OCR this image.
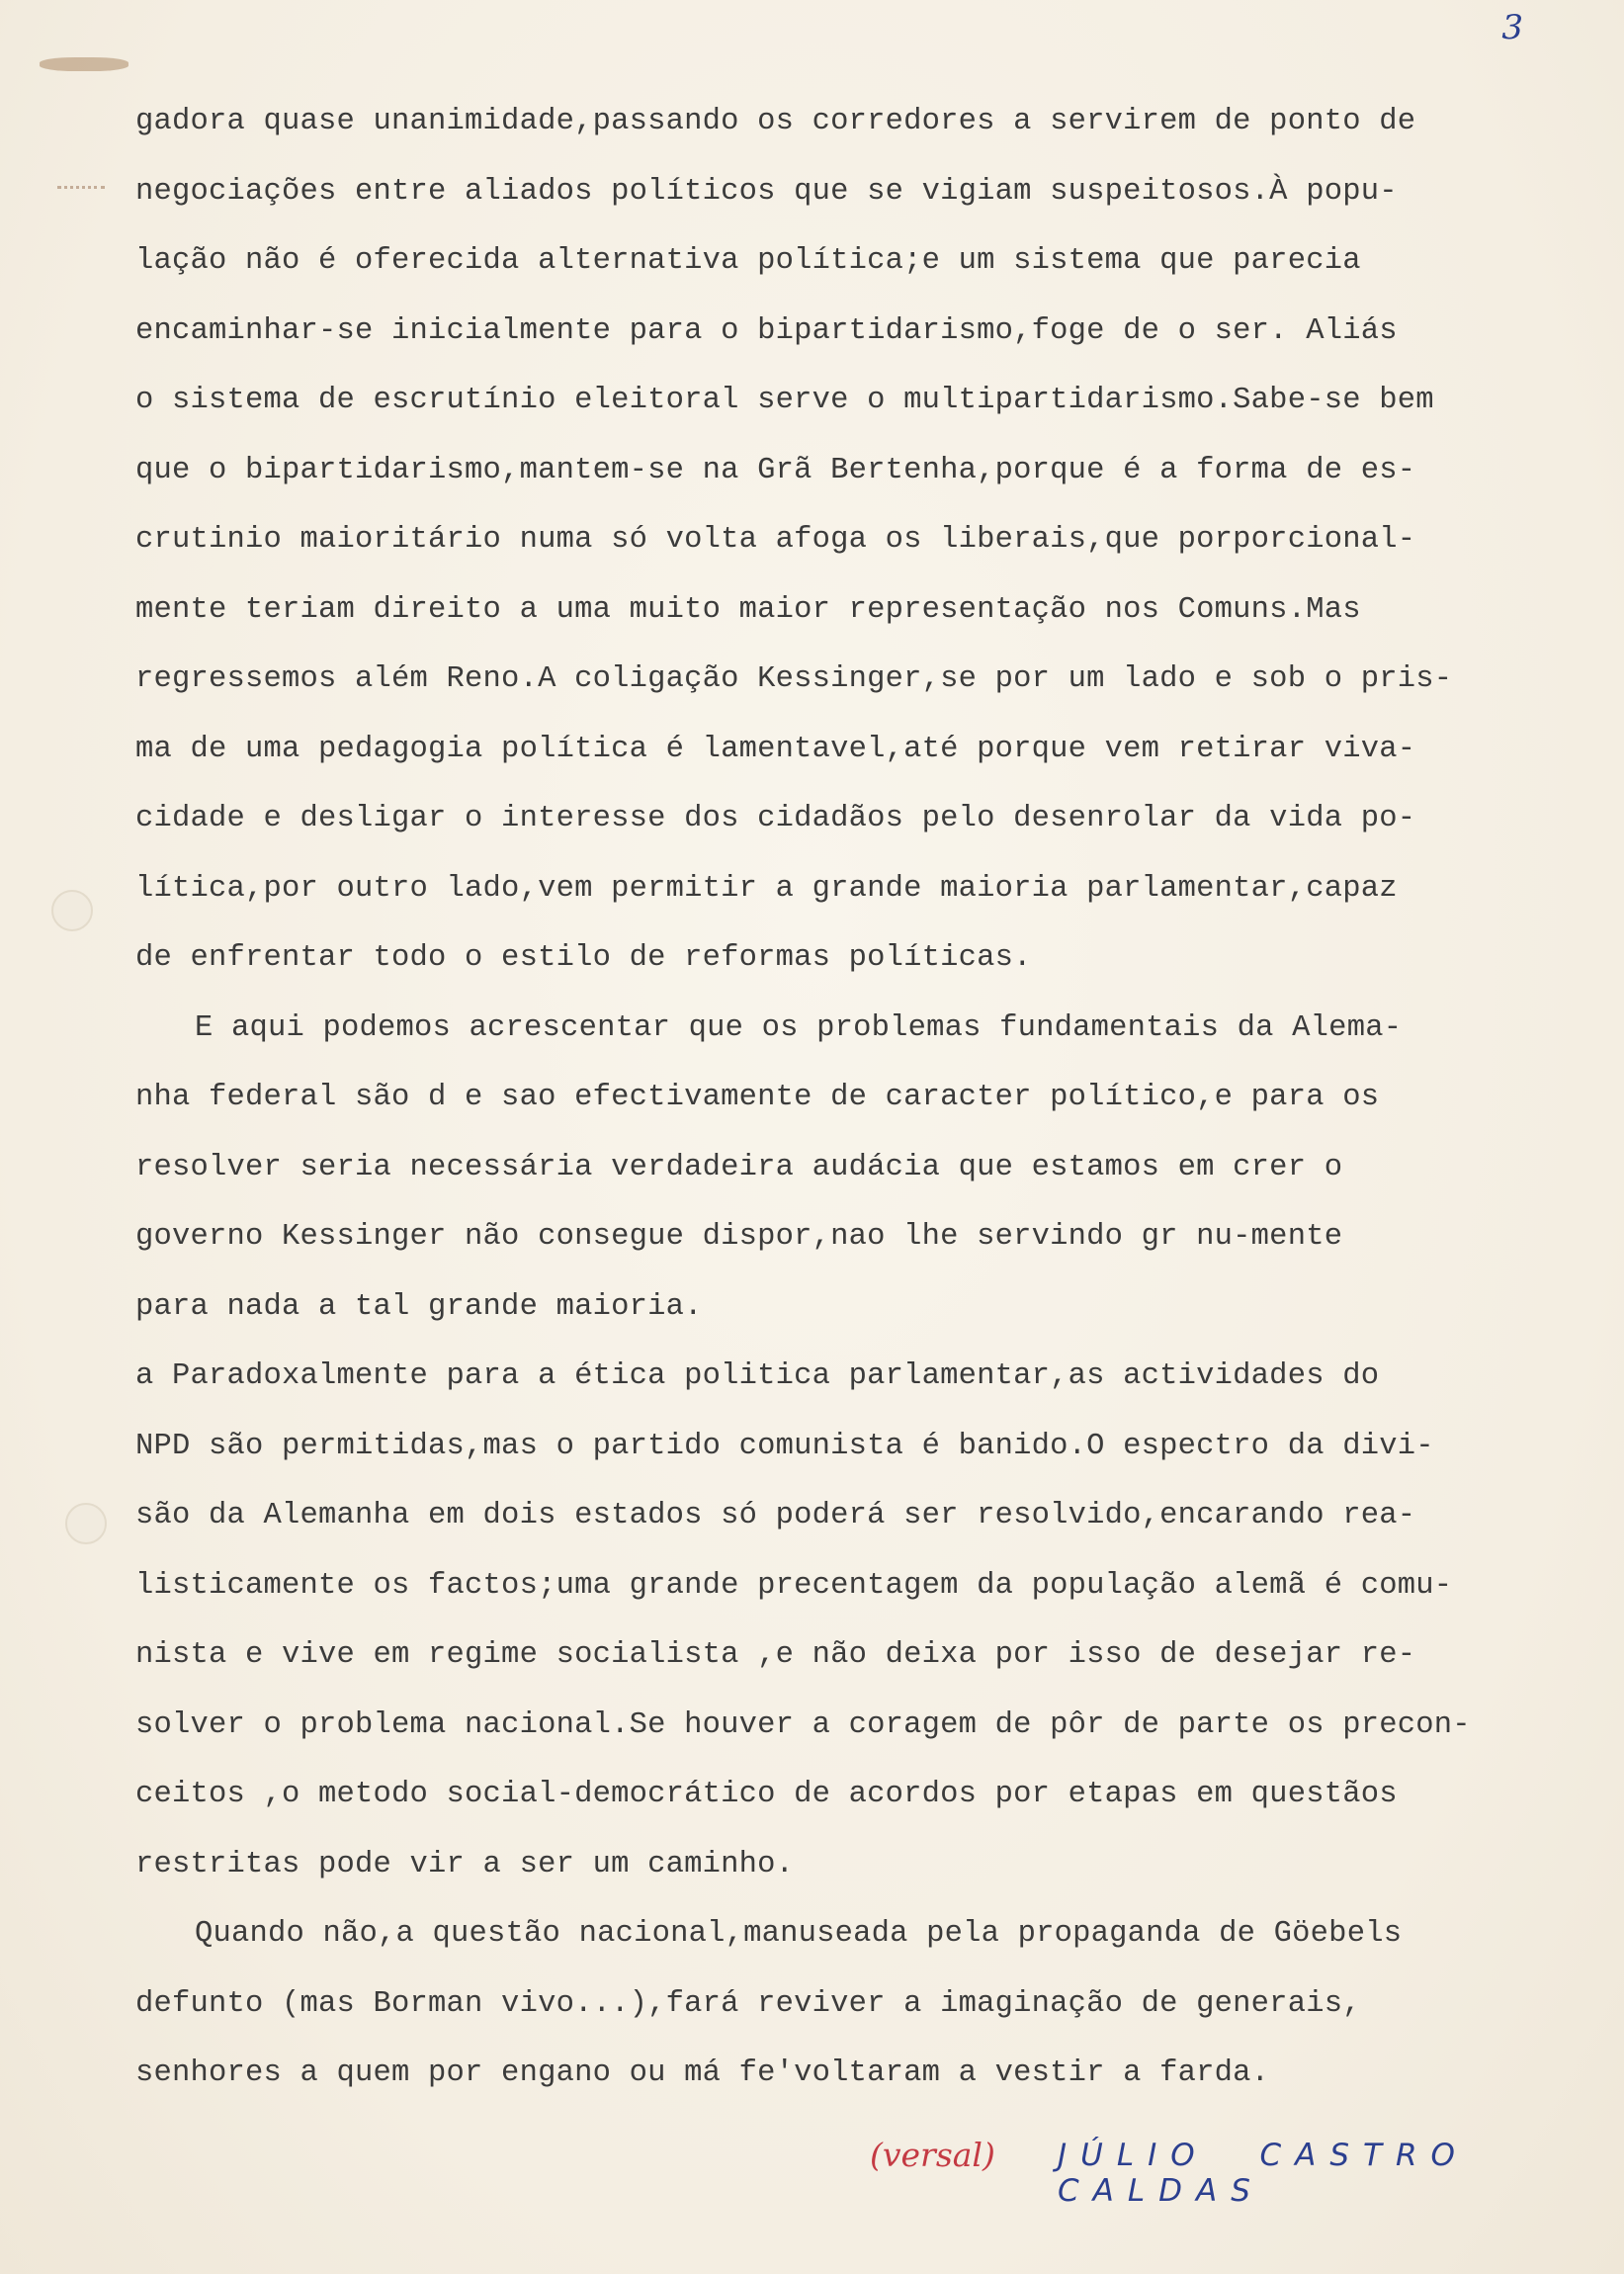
3
gadora quase unanimidade,passando os corredores a servirem de ponto de
negociações entre aliados políticos que se vigiam suspeitosos.À popu-
lação não é oferecida alternativa política;e um sistema que parecia
encaminhar-se inicialmente para o bipartidarismo,foge de o ser. Aliás
o sistema de escrutínio eleitoral serve o multipartidarismo.Sabe-se bem
que o bipartidarismo,mantem-se na Grã Bertenha,porque é a forma de es-
crutinio maioritário numa só volta afoga os liberais,que porporcional-
mente teriam direito a uma muito maior representação nos Comuns.Mas
regressemos além Reno.A coligação Kessinger,se por um lado e sob o pris-
ma de uma pedagogia política é lamentavel,até porque vem retirar viva-
cidade e desligar o interesse dos cidadãos pelo desenrolar da vida po-
lítica,por outro lado,vem permitir a grande maioria parlamentar,capaz
de enfrentar todo o estilo de reformas políticas.
E aqui podemos acrescentar que os problemas fundamentais da Alema-
nha federal são d e sao efectivamente de caracter político,e para os
resolver seria necessária verdadeira audácia que estamos em crer o
governo Kessinger não consegue dispor,nao lhe servindo gr nu-mente
para nada a tal grande maioria.
a Paradoxalmente para a ética politica parlamentar,as actividades do
NPD são permitidas,mas o partido comunista é banido.O espectro da divi-
são da Alemanha em dois estados só poderá ser resolvido,encarando rea-
listicamente os factos;uma grande precentagem da população alemã é comu-
nista e vive em regime socialista ,e não deixa por isso de desejar re-
solver o problema nacional.Se houver a coragem de pôr de parte os precon-
ceitos ,o metodo social-democrático de acordos por etapas em questãos
restritas pode vir a ser um caminho.
Quando não,a questão nacional,manuseada pela propaganda de Göebels
defunto (mas Borman vivo...),fará reviver a imaginação de generais,
senhores a quem por engano ou má fe'voltaram a vestir a farda.
(versal) JÚLIO CASTRO CALDAS
